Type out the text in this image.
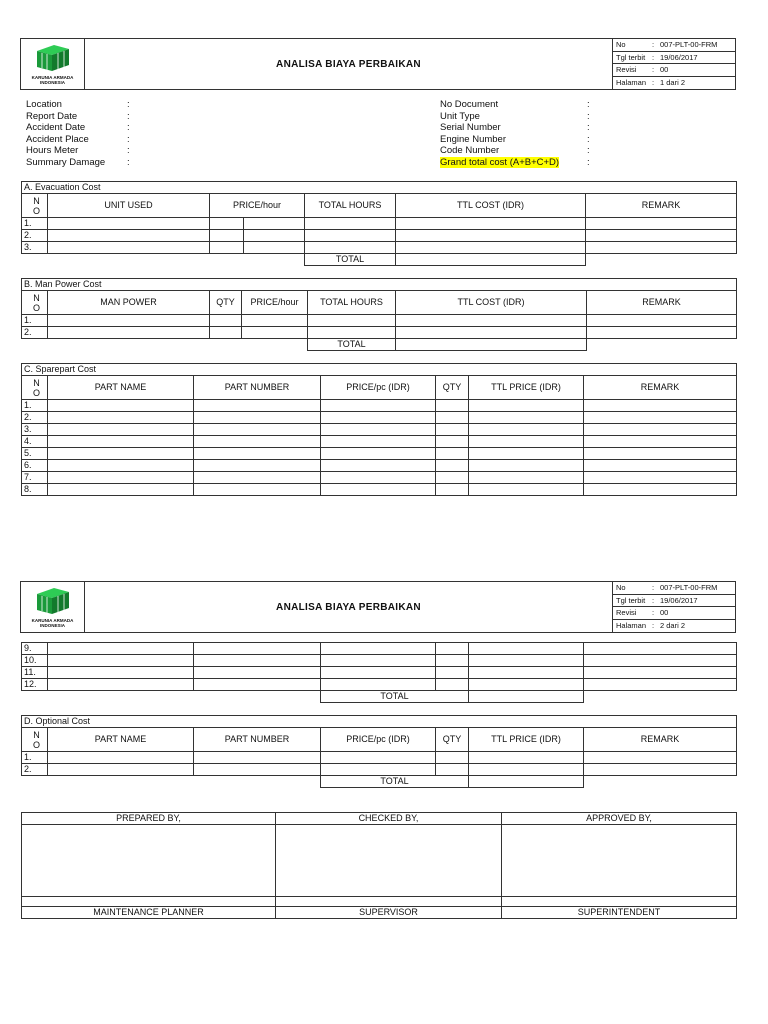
KARUNIA ARMADA INDONESIA
ANALISA BIAYA PERBAIKAN
No	: 007-PLT-00-FRM
Tgl terbit : 19/06/2017
Revisi	: 00
Halaman : 1 dari 2
Location	:
Report Date	:
Accident Date	:
Accident Place	:
Hours Meter	:
Summary Damage	:
No Document	:
Unit Type	:
Serial Number	:
Engine Number	:
Code Number	:
Grand total cost (A+B+C+D)	:
A. Evacuation Cost						
N
O	UNIT USED	PRICE/hour		TOTAL HOURS	TTL COST (IDR)	REMARK
1.						
2.						
3.						
				TOTAL		
B. Man Power Cost						
N
O	MAN POWER	QTY	PRICE/hour	TOTAL HOURS	TTL COST (IDR)	REMARK
1.						
2.						
				TOTAL		
C. Sparepart Cost						
N
O	PART NAME	PART NUMBER	PRICE/pc (IDR)	QTY	TTL PRICE (IDR)	REMARK
1.						
2.						
3.						
4.						
5.						
6.						
7.						
8.						
KARUNIA ARMADA INDONESIA
ANALISA BIAYA PERBAIKAN
No	: 007-PLT-00-FRM
Tgl terbit : 19/06/2017
Revisi	: 00
Halaman : 2 dari 2
9.						
10.						
11.						
12.						
			TOTAL			
D. Optional Cost						
N
O	PART NAME	PART NUMBER	PRICE/pc (IDR)	QTY	TTL PRICE (IDR)	REMARK
1.						
2.						
			TOTAL			
PREPARED BY,	CHECKED BY,	APPROVED BY,

MAINTENANCE PLANNER	SUPERVISOR	SUPERINTENDENT
